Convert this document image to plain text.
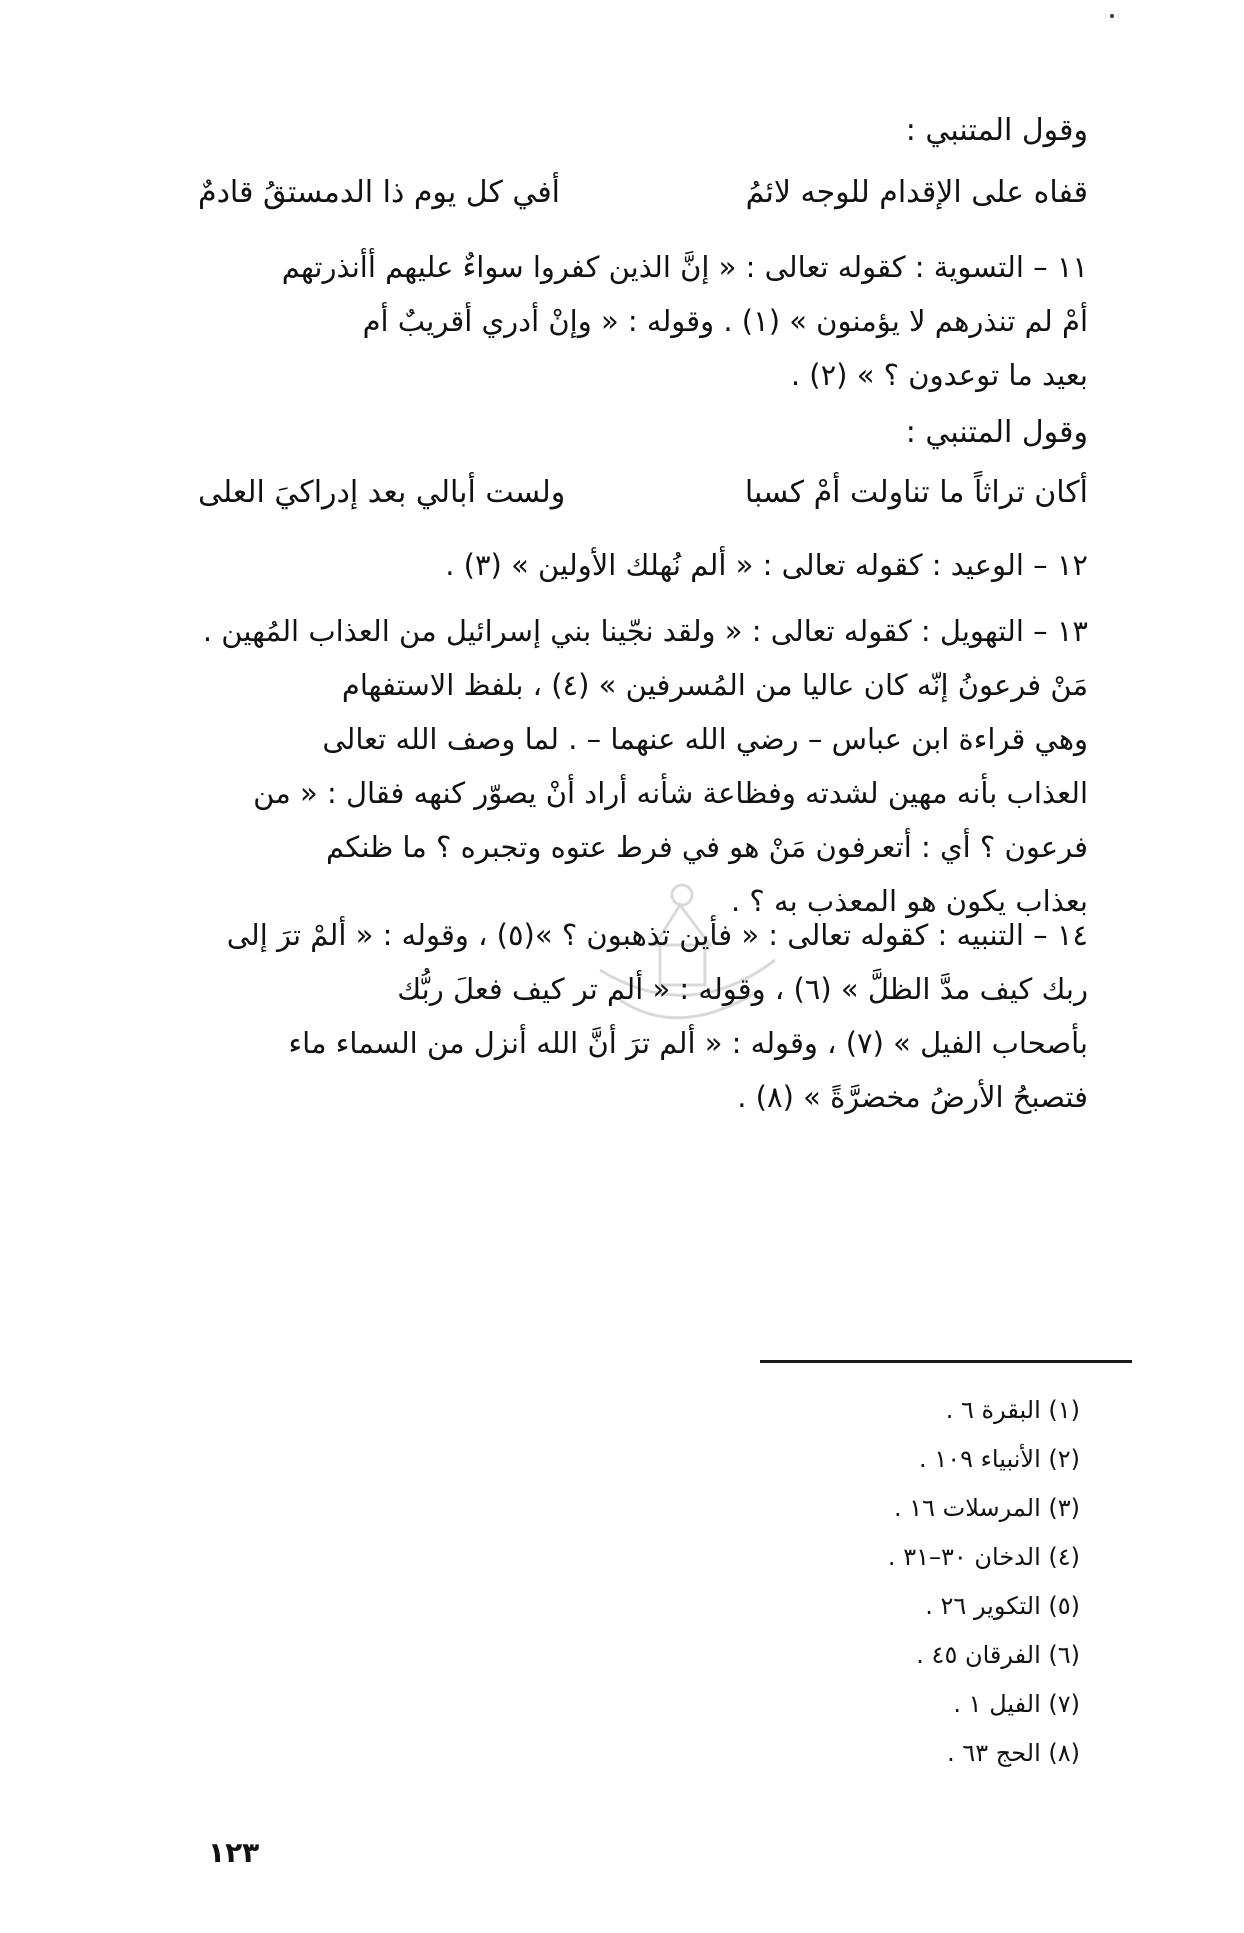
وقول المتنبي :
أفي كل يوم ذا الدمستقُ قادمٌ	قفاه على الإقدام للوجه لائمُ
١١ – التسوية : كقوله تعالى : « إنَّ الذين كفروا سواءٌ عليهم أأنذرتهم
أمْ لم تنذرهم لا يؤمنون » (١) . وقوله : « وإنْ أدري أقريبٌ أم
بعيد ما توعدون ؟ » (٢) .
وقول المتنبي :
ولست أبالي بعد إدراكيَ العلى	أكان تراثاً ما تناولت أمْ كسبا
١٢ – الوعيد : كقوله تعالى : « ألم نُهلك الأولين » (٣) .
١٣ – التهويل : كقوله تعالى : « ولقد نجّينا بني إسرائيل من العذاب المُهين .
مَنْ فرعونُ إنّه كان عاليا من المُسرفين » (٤) ، بلفظ الاستفهام
وهي قراءة ابن عباس – رضي الله عنهما – . لما وصف الله تعالى
العذاب بأنه مهين لشدته وفظاعة شأنه أراد أنْ يصوّر كنهه فقال : « من
فرعون ؟ أي : أتعرفون مَنْ هو في فرط عتوه وتجبره ؟ ما ظنكم
بعذاب يكون هو المعذب به ؟ .
١٤ – التنبيه : كقوله تعالى : « فأين تذهبون ؟ »(٥) ، وقوله : « ألمْ ترَ إلى
ربك كيف مدَّ الظلَّ » (٦) ، وقوله : « ألم تر كيف فعلَ ربُّك
بأصحاب الفيل » (٧) ، وقوله : « ألم ترَ أنَّ الله أنزل من السماء ماء
فتصبحُ الأرضُ مخضرَّةً » (٨) .
(١) البقرة ٦ .
(٢) الأنبياء ١٠٩ .
(٣) المرسلات ١٦ .
(٤) الدخان ٣٠–٣١ .
(٥) التكوير ٢٦ .
(٦) الفرقان ٤٥ .
(٧) الفيل ١ .
(٨) الحج ٦٣ .
١٢٣
